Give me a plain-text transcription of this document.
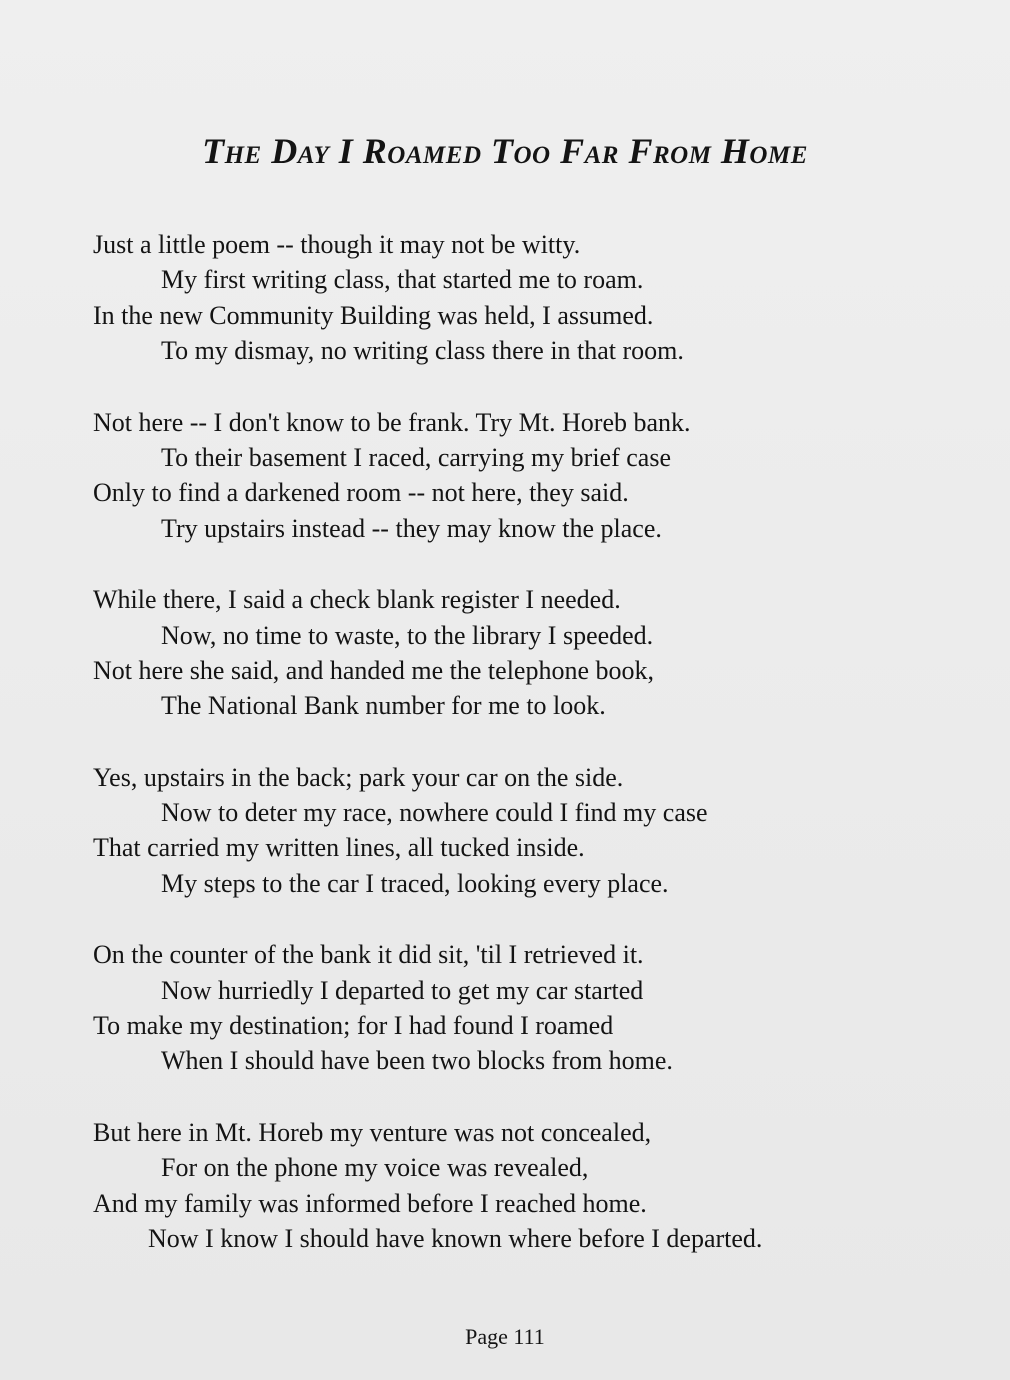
The Day I Roamed Too Far From Home
Just a little poem -- though it may not be witty.
My first writing class, that started me to roam.
In the new Community Building was held, I assumed.
To my dismay, no writing class there in that room.
Not here -- I don't know to be frank. Try Mt. Horeb bank.
To their basement I raced, carrying my brief case
Only to find a darkened room -- not here, they said.
Try upstairs instead -- they may know the place.
While there, I said a check blank register I needed.
Now, no time to waste, to the library I speeded.
Not here she said, and handed me the telephone book,
The National Bank number for me to look.
Yes, upstairs in the back; park your car on the side.
Now to deter my race, nowhere could I find my case
That carried my written lines, all tucked inside.
My steps to the car I traced, looking every place.
On the counter of the bank it did sit, 'til I retrieved it.
Now hurriedly I departed to get my car started
To make my destination; for I had found I roamed
When I should have been two blocks from home.
But here in Mt. Horeb my venture was not concealed,
For on the phone my voice was revealed,
And my family was informed before I reached home.
Now I know I should have known where before I departed.
Page 111
